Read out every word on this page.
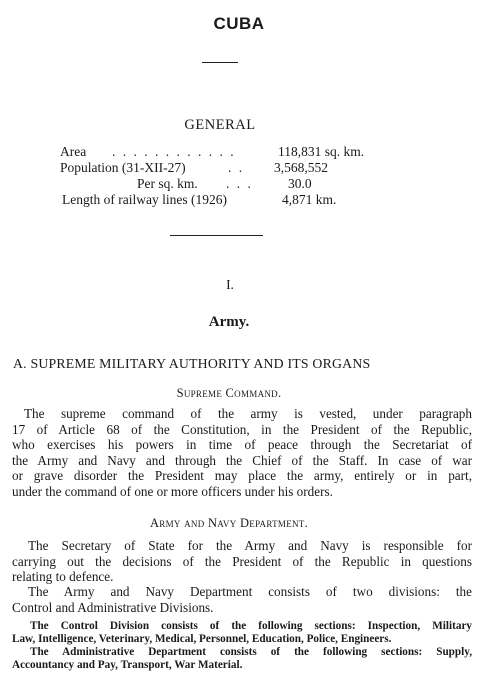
CUBA
GENERAL
Area . . . . . . . . . . . .	118,831 sq. km.
Population (31-XII-27)	. . 3,568,552
Per sq. km. . . .	30.0
Length of railway lines (1926)	4,871 km.
I.
Army.
A. SUPREME MILITARY AUTHORITY AND ITS ORGANS
Supreme Command.
The supreme command of the army is vested, under paragraph
17 of Article 68 of the Constitution, in the President of the Republic,
who exercises his powers in time of peace through the Secretariat of
the Army and Navy and through the Chief of the Staff. In case of war
or grave disorder the President may place the army, entirely or in part,
under the command of one or more officers under his orders.
Army and Navy Department.
The Secretary of State for the Army and Navy is responsible for
carrying out the decisions of the President of the Republic in questions
relating to defence.
The Army and Navy Department consists of two divisions: the
Control and Administrative Divisions.
The Control Division consists of the following sections: Inspection, Military
Law, Intelligence, Veterinary, Medical, Personnel, Education, Police, Engineers.
The Administrative Department consists of the following sections: Supply,
Accountancy and Pay, Transport, War Material.
